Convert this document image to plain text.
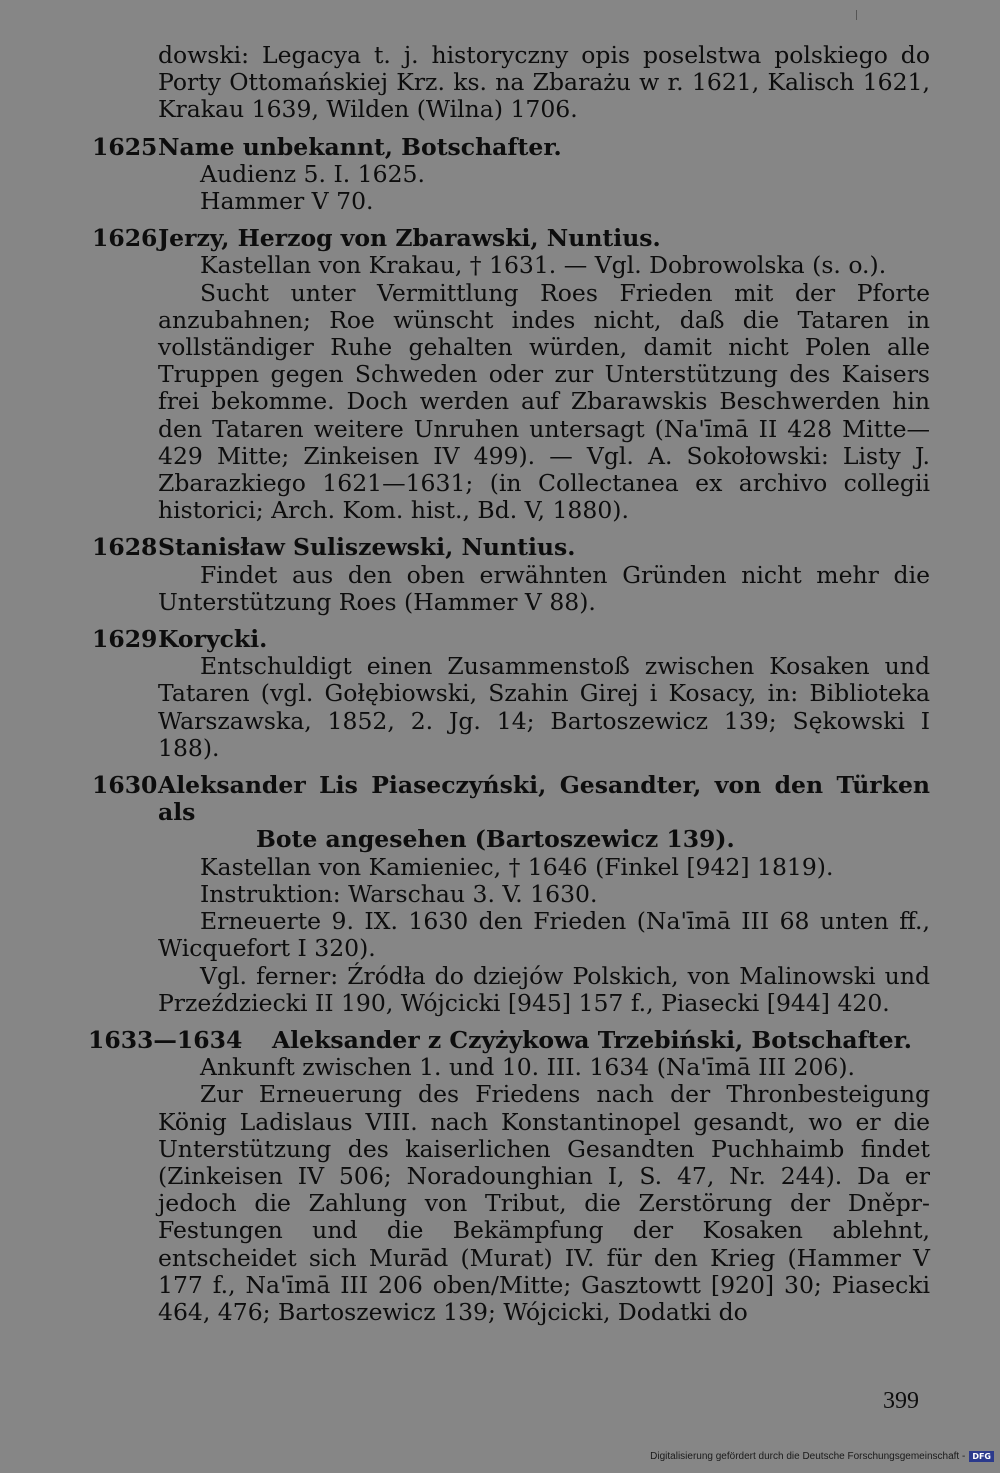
dowski: Legacya t. j. historyczny opis poselstwa polskiego do Porty Ottomańskiej Krz. ks. na Zbarażu w r. 1621, Kalisch 1621, Krakau 1639, Wilden (Wilna) 1706.

1625 Name unbekannt, Botschafter.

Audienz 5. I. 1625.

Hammer V 70.

1626 Jerzy, Herzog von Zbarawski, Nuntius.

Kastellan von Krakau, † 1631. — Vgl. Dobrowolska (s. o.).

Sucht unter Vermittlung Roes Frieden mit der Pforte anzubahnen; Roe wünscht indes nicht, daß die Tataren in vollständiger Ruhe gehalten würden, damit nicht Polen alle Truppen gegen Schweden oder zur Unterstützung des Kaisers frei bekomme. Doch werden auf Zbarawskis Beschwerden hin den Tataren weitere Unruhen untersagt (Na'īmā II 428 Mitte—429 Mitte; Zinkeisen IV 499). — Vgl. A. Sokołowski: Listy J. Zbarazkiego 1621—1631; (in Collectanea ex archivo collegii historici; Arch. Kom. hist., Bd. V, 1880).

1628 Stanisław Suliszewski, Nuntius.

Findet aus den oben erwähnten Gründen nicht mehr die Unterstützung Roes (Hammer V 88).

1629 Korycki.

Entschuldigt einen Zusammenstoß zwischen Kosaken und Tataren (vgl. Gołębiowski, Szahin Girej i Kosacy, in: Biblioteka Warszawska, 1852, 2. Jg. 14; Bartoszewicz 139; Sękowski I 188).

1630 Aleksander Lis Piaseczyński, Gesandter, von den Türken als

Bote angesehen (Bartoszewicz 139).

Kastellan von Kamieniec, † 1646 (Finkel [942] 1819).

Instruktion: Warschau 3. V. 1630.

Erneuerte 9. IX. 1630 den Frieden (Na'īmā III 68 unten ff., Wicquefort I 320).

Vgl. ferner: Źródła do dziejów Polskich, von Malinowski und Przeździecki II 190, Wójcicki [945] 157 f., Piasecki [944] 420.

1633—1634	Aleksander z Czyżykowa Trzebiński, Botschafter.

Ankunft zwischen 1. und 10. III. 1634 (Na'īmā III 206).

Zur Erneuerung des Friedens nach der Thronbesteigung König Ladislaus VIII. nach Konstantinopel gesandt, wo er die Unterstützung des kaiserlichen Gesandten Puchhaimb findet (Zinkeisen IV 506; Noradounghian I, S. 47, Nr. 244). Da er jedoch die Zahlung von Tribut, die Zerstörung der Dněpr-Festungen und die Bekämpfung der Kosaken ablehnt, entscheidet sich Murād (Murat) IV. für den Krieg (Hammer V 177 f., Na'īmā III 206 oben/Mitte; Gasztowtt [920] 30; Piasecki 464, 476; Bartoszewicz 139; Wójcicki, Dodatki do

399
Digitalisierung gefördert durch die Deutsche Forschungsgemeinschaft - DFG
